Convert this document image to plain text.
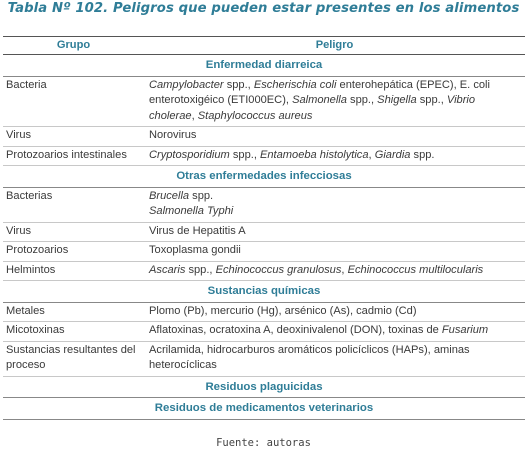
Tabla Nº 102. Peligros que pueden estar presentes en los alimentos
Grupo	Peligro
Enfermedad diarreica	
Bacteria	Campylobacter spp., Escherischia coli enterohepática (EPEC), E. coli enterotoxigéico (ETI000EC), Salmonella spp., Shigella spp., Vibrio cholerae, Staphylococcus aureus
Virus	Norovirus
Protozoarios intestinales	Cryptosporidium spp., Entamoeba histolytica, Giardia spp.
Otras enfermedades infecciosas	
Bacterias	Brucella spp.
Salmonella Typhi
Virus	Virus de Hepatitis A
Protozoarios	Toxoplasma gondii
Helmintos	Ascaris spp., Echinococcus granulosus, Echinococcus multilocularis
Sustancias químicas	
Metales	Plomo (Pb), mercurio (Hg), arsénico (As), cadmio (Cd)
Micotoxinas	Aflatoxinas, ocratoxina A, deoxinivalenol (DON), toxinas de Fusarium
Sustancias resultantes del proceso	Acrilamida, hidrocarburos aromáticos policíclicos (HAPs), aminas heterocíclicas
Residuos plaguicidas	
Residuos de medicamentos veterinarios	
Fuente: autoras
